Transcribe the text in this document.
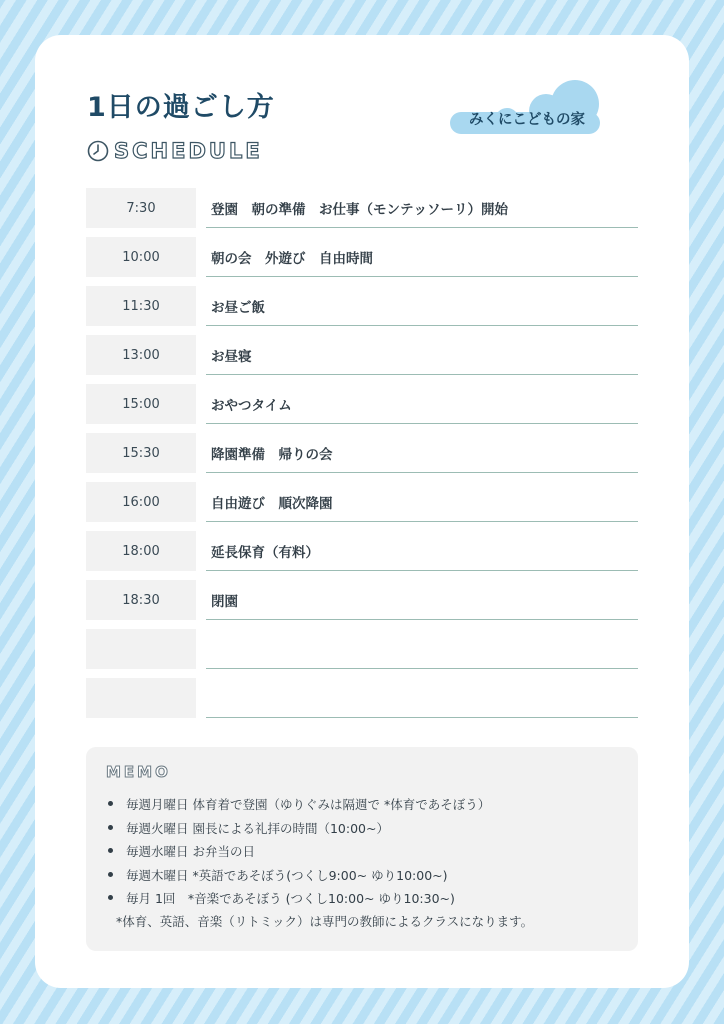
1日の過ごし方
SCHEDULE
みくにこどもの家
7:30	登園　朝の準備　お仕事（モンテッソーリ）開始
10:00	朝の会　外遊び　自由時間
11:30	お昼ご飯
13:00	お昼寝
15:00	おやつタイム
15:30	降園準備　帰りの会
16:00	自由遊び　順次降園
18:00	延長保育（有料）
18:30	閉園
MEMO
毎週月曜日 体育着で登園（ゆりぐみは隔週で *体育であそぼう）
毎週火曜日 園長による礼拝の時間（10:00~）
毎週水曜日 お弁当の日
毎週木曜日 *英語であそぼう(つくし9:00~ ゆり10:00~)
毎月 1回　*音楽であそぼう (つくし10:00~ ゆり10:30~)
*体育、英語、音楽（リトミック）は専門の教師によるクラスになります。
